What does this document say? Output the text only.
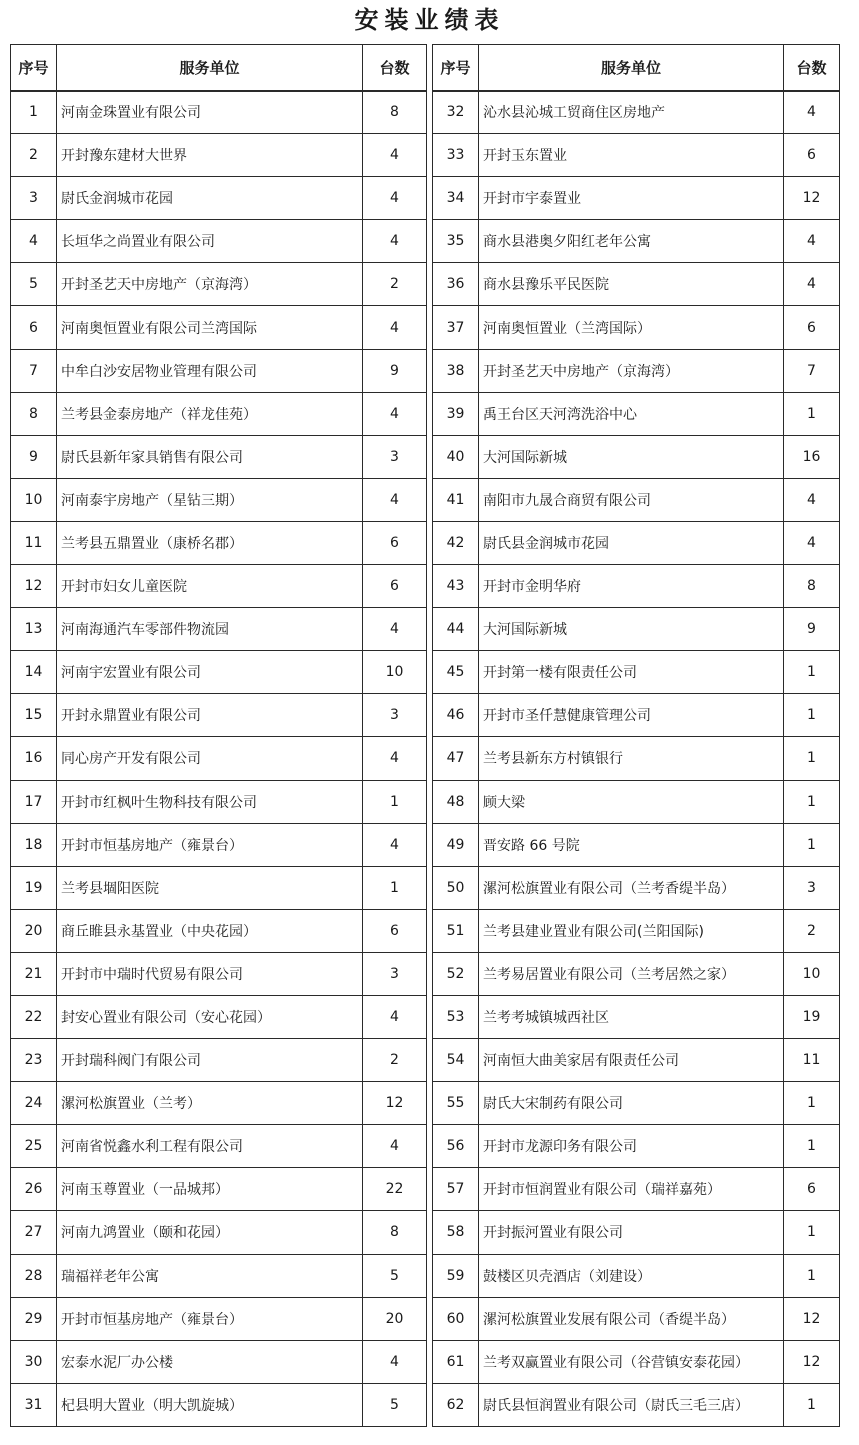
安装业绩表
序号	服务单位	台数
1	河南金珠置业有限公司	8
2	开封豫东建材大世界	4
3	尉氏金润城市花园	4
4	长垣华之尚置业有限公司	4
5	开封圣艺天中房地产（京海湾）	2
6	河南奥恒置业有限公司兰湾国际	4
7	中牟白沙安居物业管理有限公司	9
8	兰考县金泰房地产（祥龙佳苑）	4
9	尉氏县新年家具销售有限公司	3
10	河南泰宇房地产（星钻三期）	4
11	兰考县五鼎置业（康桥名郡）	6
12	开封市妇女儿童医院	6
13	河南海通汽车零部件物流园	4
14	河南宇宏置业有限公司	10
15	开封永鼎置业有限公司	3
16	同心房产开发有限公司	4
17	开封市红枫叶生物科技有限公司	1
18	开封市恒基房地产（雍景台）	4
19	兰考县堌阳医院	1
20	商丘睢县永基置业（中央花园）	6
21	开封市中瑞时代贸易有限公司	3
22	封安心置业有限公司（安心花园）	4
23	开封瑞科阀门有限公司	2
24	漯河松旗置业（兰考）	12
25	河南省悦鑫水利工程有限公司	4
26	河南玉尊置业（一品城邦）	22
27	河南九鸿置业（颐和花园）	8
28	瑞福祥老年公寓	5
29	开封市恒基房地产（雍景台）	20
30	宏泰水泥厂办公楼	4
31	杞县明大置业（明大凯旋城）	5
序号	服务单位	台数
32	沁水县沁城工贸商住区房地产	4
33	开封玉东置业	6
34	开封市宇泰置业	12
35	商水县港奥夕阳红老年公寓	4
36	商水县豫乐平民医院	4
37	河南奥恒置业（兰湾国际）	6
38	开封圣艺天中房地产（京海湾）	7
39	禹王台区天河湾洗浴中心	1
40	大河国际新城	16
41	南阳市九晟合商贸有限公司	4
42	尉氏县金润城市花园	4
43	开封市金明华府	8
44	大河国际新城	9
45	开封第一楼有限责任公司	1
46	开封市圣仟慧健康管理公司	1
47	兰考县新东方村镇银行	1
48	顾大梁	1
49	晋安路 66 号院	1
50	漯河松旗置业有限公司（兰考香缇半岛）	3
51	兰考县建业置业有限公司(兰阳国际)	2
52	兰考易居置业有限公司（兰考居然之家）	10
53	兰考考城镇城西社区	19
54	河南恒大曲美家居有限责任公司	11
55	尉氏大宋制药有限公司	1
56	开封市龙源印务有限公司	1
57	开封市恒润置业有限公司（瑞祥嘉苑）	6
58	开封振河置业有限公司	1
59	鼓楼区贝壳酒店（刘建设）	1
60	漯河松旗置业发展有限公司（香缇半岛）	12
61	兰考双赢置业有限公司（谷营镇安泰花园）	12
62	尉氏县恒润置业有限公司（尉氏三毛三店）	1
